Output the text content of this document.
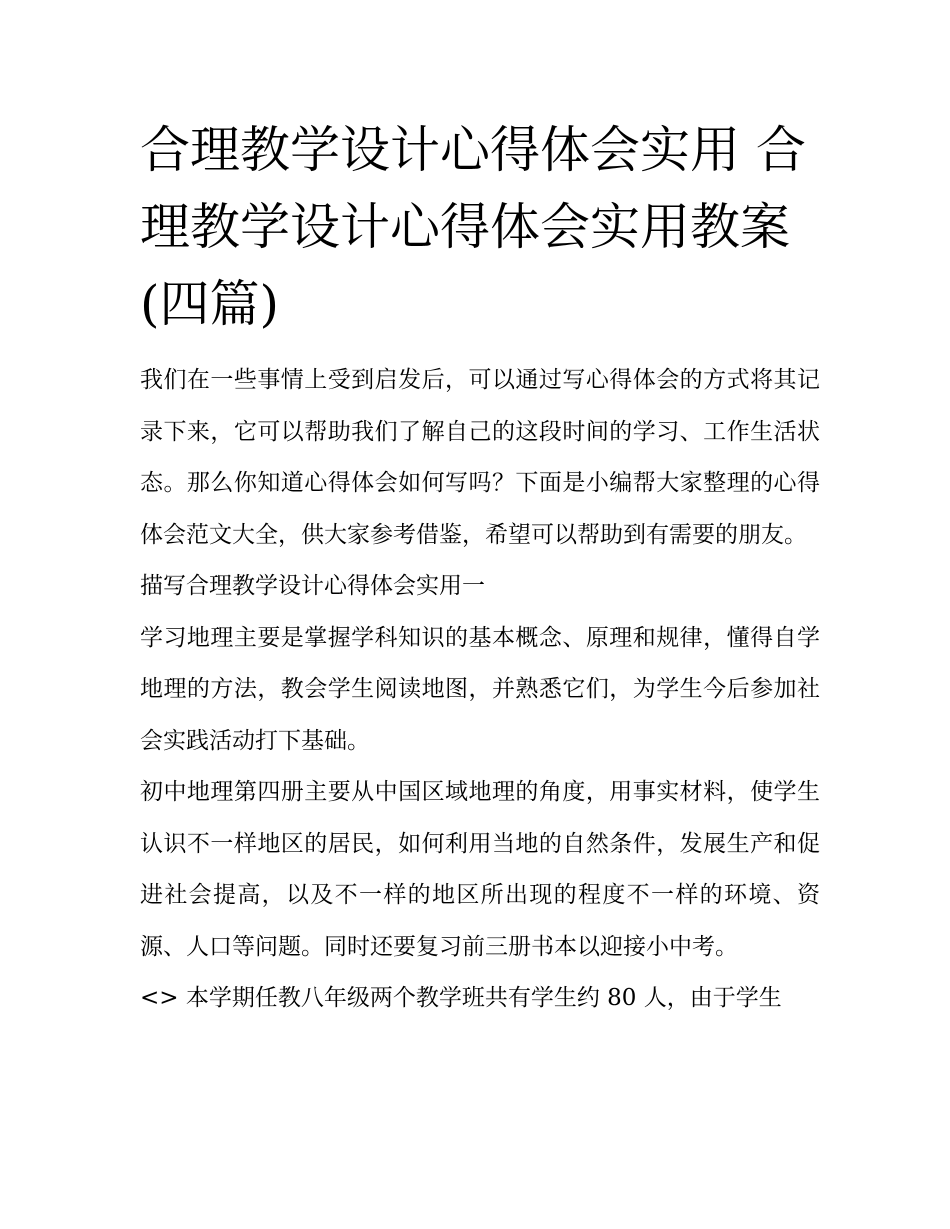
合理教学设计心得体会实用 合理教学设计心得体会实用教案(四篇)

我们在一些事情上受到启发后，可以通过写心得体会的方式将其记录下来，它可以帮助我们了解自己的这段时间的学习、工作生活状态。那么你知道心得体会如何写吗？下面是小编帮大家整理的心得体会范文大全，供大家参考借鉴，希望可以帮助到有需要的朋友。

描写合理教学设计心得体会实用一

学习地理主要是掌握学科知识的基本概念、原理和规律，懂得自学地理的方法，教会学生阅读地图，并熟悉它们，为学生今后参加社会实践活动打下基础。

初中地理第四册主要从中国区域地理的角度，用事实材料，使学生认识不一样地区的居民，如何利用当地的自然条件，发展生产和促进社会提高，以及不一样的地区所出现的程度不一样的环境、资源、人口等问题。同时还要复习前三册书本以迎接小中考。

<> 本学期任教八年级两个教学班共有学生约 80 人，由于学生
